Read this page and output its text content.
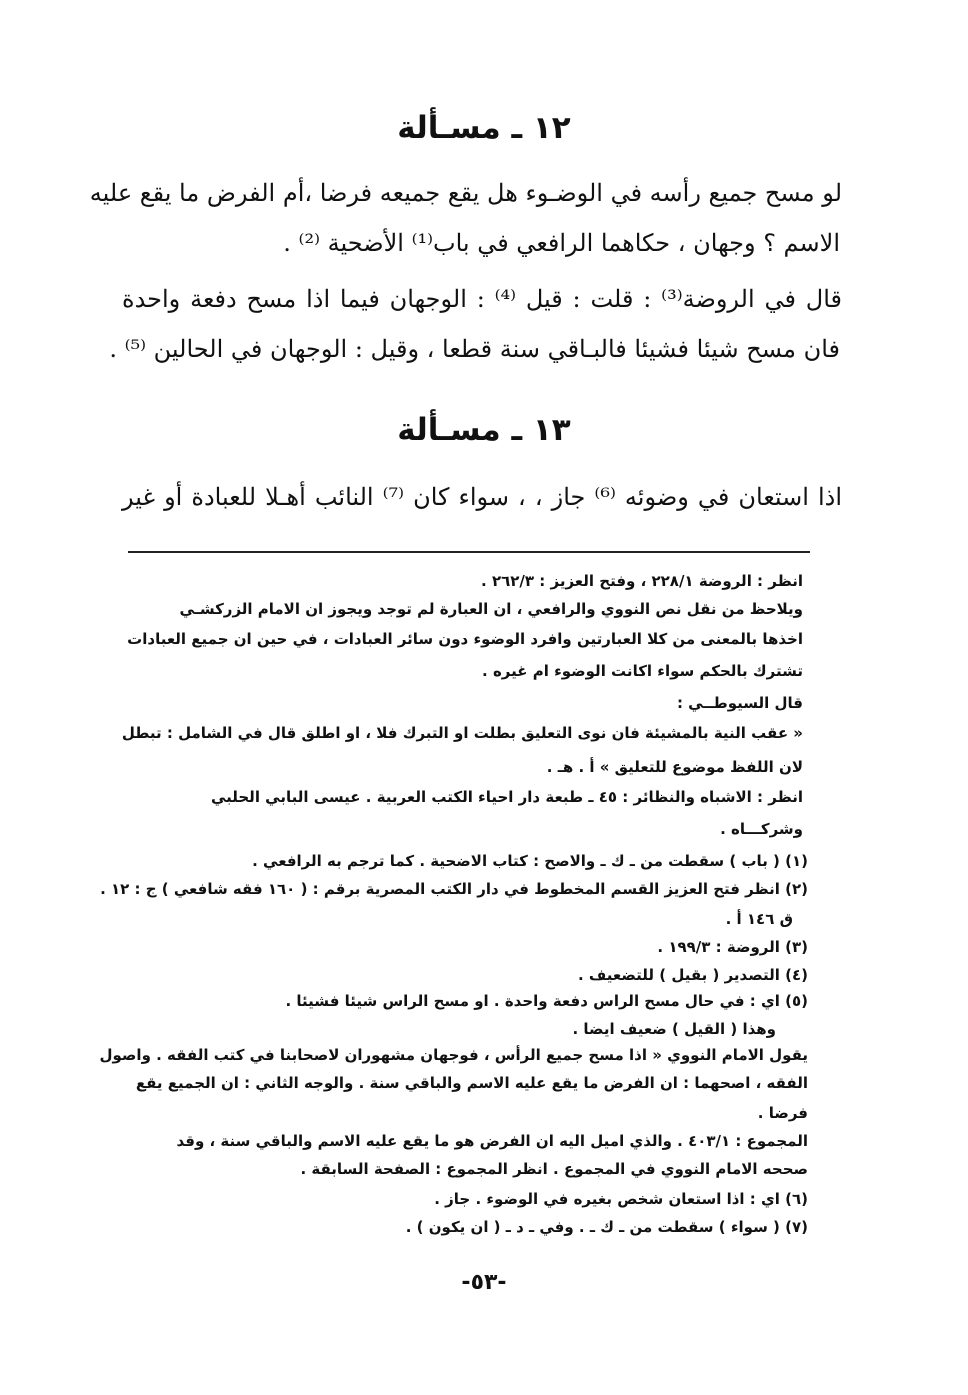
١٢ ـ مسـألة
لو مسح جميع رأسه في الوضـوء هل يقع جميعه فرضا ،أم الفرض ما يقع عليه
الاسم ؟ وجهان ، حكاهما الرافعي في باب⁽¹⁾ الأضحية ⁽²⁾ .
قال في الروضة⁽³⁾ : قلت : قيل ⁽⁴⁾ : الوجهان فيما اذا مسح دفعة واحدة
فان مسح شيئا فشيئا فالبـاقي سنة قطعا ، وقيل : الوجهان في الحالين ⁽⁵⁾ .
١٣ ـ مسـألة
اذا استعان في وضوئه ⁽⁶⁾ جاز ، ، سواء كان ⁽⁷⁾ النائب أهـلا للعبادة أو غير
انظر : الروضة ٢٢٨/١ ، وفتح العزيز : ٢٦٢/٣ .
ويلاحظ من نقل نص النووي والرافعي ، ان العبارة لم توجد ويجوز ان الامام الزركشـي
اخذها بالمعنى من كلا العبارتين وافرد الوضوء دون سائر العبادات ، في حين ان جميع العبادات
تشترك بالحكم سواء اكانت الوضوء ام غيره .
قال السيوطــي :
« عقب النية بالمشيئة فان نوى التعليق بطلت او التبرك فلا ، او اطلق قال في الشامل : تبطل
لان اللفظ موضوع للتعليق » أ . هـ .
انظر : الاشباه والنظائر : ٤٥ ـ طبعة دار احياء الكتب العربية . عيسى البابي الحلبي
وشركـــاه .
(١) ( باب ) سقطت من ـ ك ـ والاصح : كتاب الاضحية . كما ترجم به الرافعي .
(٢) انظر فتح العزيز القسم المخطوط في دار الكتب المصرية برقم : ( ١٦٠ فقه شافعي ) ج : ١٢ .
ق ١٤٦ أ .
(٣) الروضة : ١٩٩/٣ .
(٤) التصدير ( بقيل ) للتضعيف .
(٥) اي : في حال مسح الراس دفعة واحدة . او مسح الراس شيئا فشيئا .
وهذا ( القيل ) ضعيف ايضا .
يقول الامام النووي « اذا مسح جميع الرأس ، فوجهان مشهوران لاصحابنا في كتب الفقه . واصول
الفقه ، اصحهما : ان الفرض ما يقع عليه الاسم والباقي سنة . والوجه الثاني : ان الجميع يقع
فرضا .
المجموع : ٤٠٣/١ . والذي اميل اليه ان الفرض هو ما يقع عليه الاسم والباقي سنة ، وقد
صححه الامام النووي في المجموع . انظر المجموع : الصفحة السابقة .
(٦) اي : اذا استعان شخص بغيره في الوضوء . جاز .
(٧) ( سواء ) سقطت من ـ ك ـ . وفي ـ د ـ ( ان يكون ) .
-٥٣-
